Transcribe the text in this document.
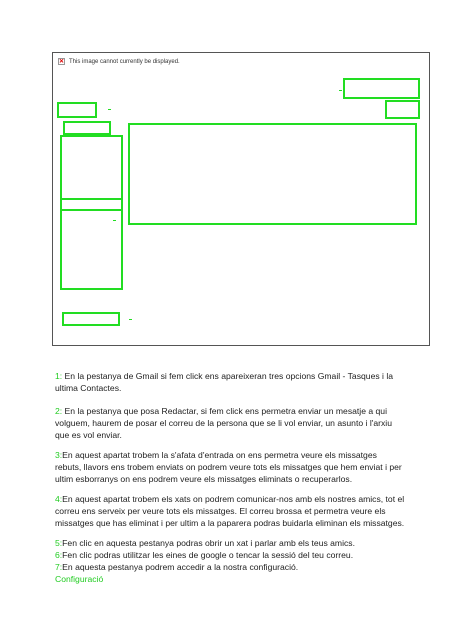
✕ This image cannot currently be displayed.

1: En la pestanya de Gmail si fem click ens apareixeran tres opcions Gmail - Tasques i la ultima Contactes.

2: En la pestanya que posa Redactar, si fem click ens permetra enviar un mesatje a qui volguem, haurem de posar el correu de la persona que se li vol enviar, un asunto i l'arxiu que es vol enviar.

3:En aquest apartat trobem la s'afata d'entrada on ens permetra veure els missatges rebuts, llavors ens trobem enviats on podrem veure tots els missatges que hem enviat i per ultim esborranys on ens podrem veure els missatges eliminats o recuperarlos.

4:En aquest apartat trobem els xats on podrem comunicar-nos amb els nostres amics, tot el correu ens serveix per veure tots els missatges. El correu brossa et permetra veure els missatges que has eliminat i per ultim a la paparera podras buidarla eliminan els missatges.

5:Fen clic en aquesta pestanya podras obrir un xat i parlar amb els teus amics.

6:Fen clic podras utilitzar les eines de google o tencar la sessió del teu correu.

7:En aquesta pestanya podrem accedir a la nostra configuració.

Configuració
